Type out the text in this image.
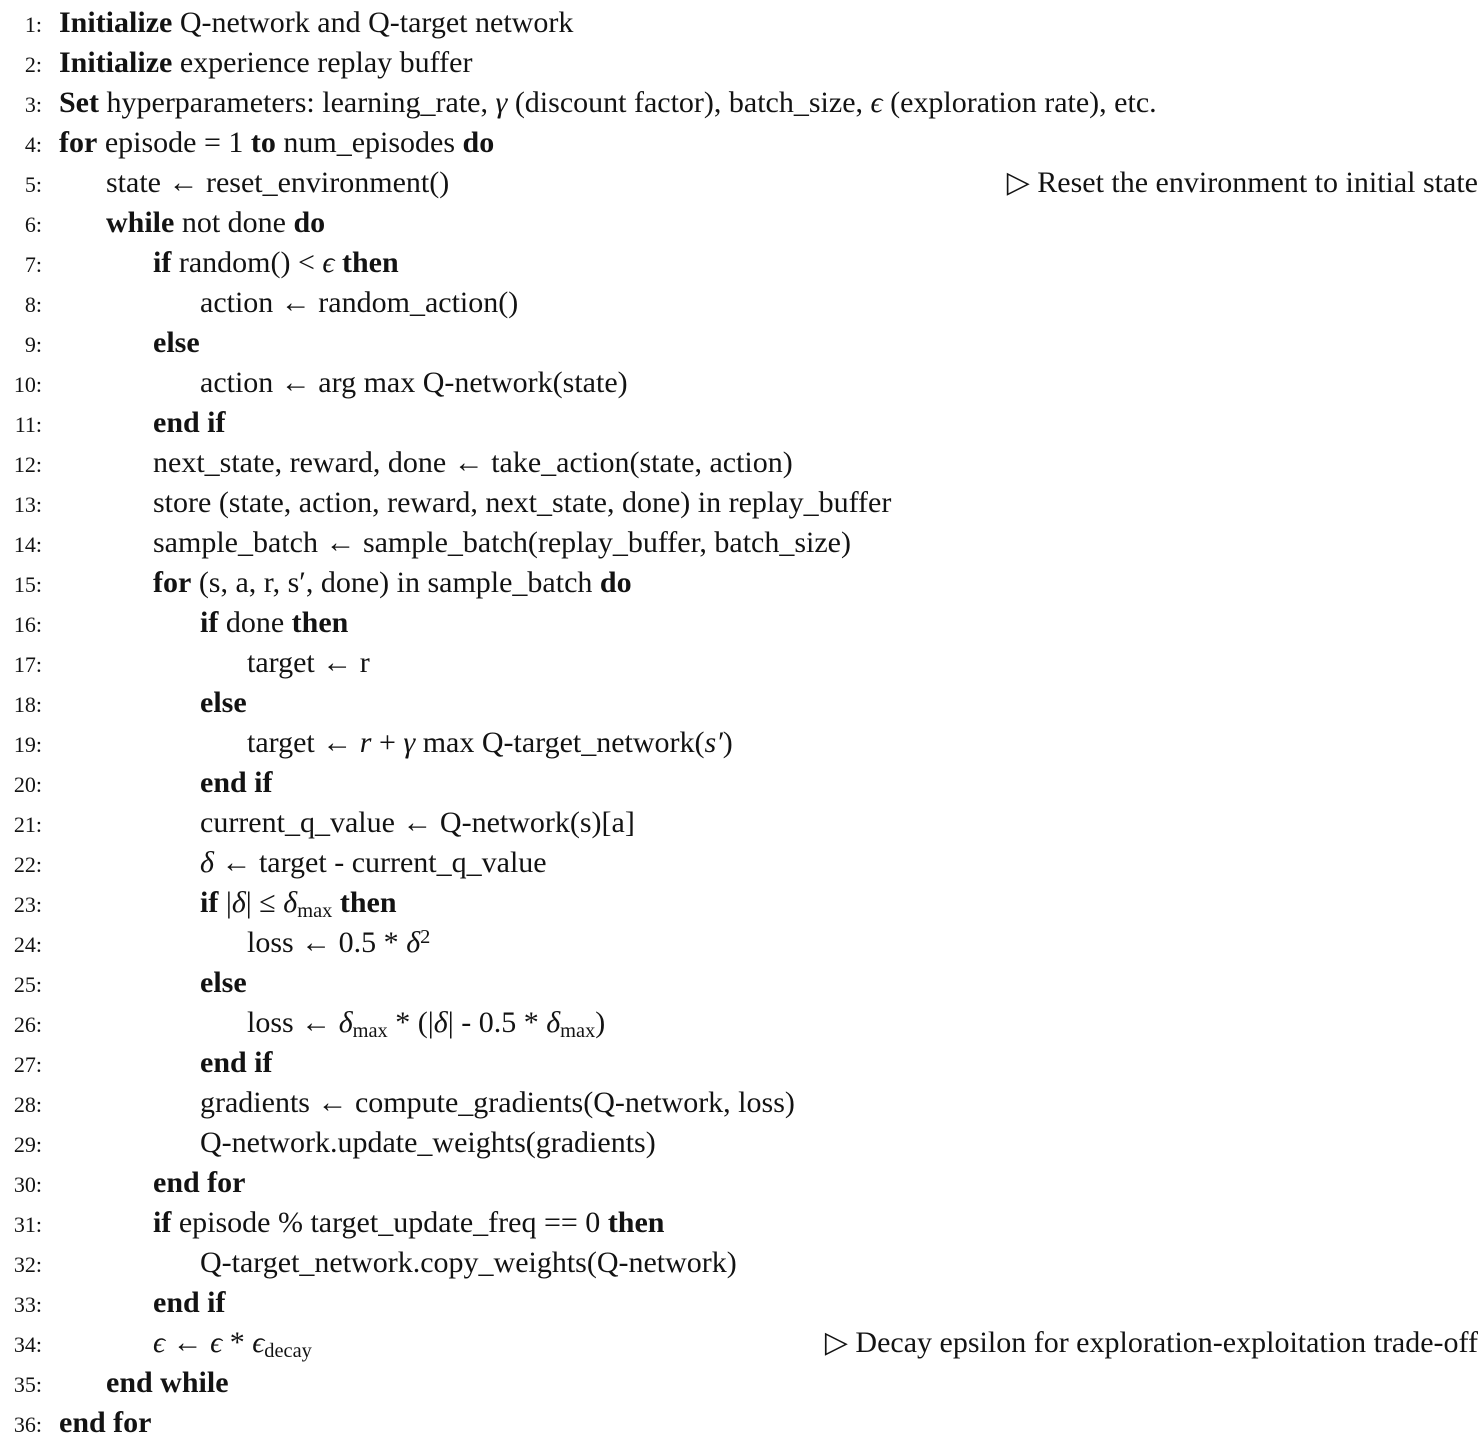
1: Initialize Q-network and Q-target network
2: Initialize experience replay buffer
3: Set hyperparameters: learning_rate, γ (discount factor), batch_size, ϵ (exploration rate), etc.
4: for episode = 1 to num_episodes do
5: state ← reset_environment()	▷ Reset the environment to initial state
6: while not done do
7:	if random() < ϵ then
8:	action ← random_action()
9:	else
10:	action ← arg max Q-network(state)
11:	end if
12:	next_state, reward, done ← take_action(state, action)
13:	store (state, action, reward, next_state, done) in replay_buffer
14:	sample_batch ← sample_batch(replay_buffer, batch_size)
15:	for (s, a, r, s′, done) in sample_batch do
16:	if done then
17:	target ← r
18:	else
19:	target ← r + γ max Q-target_network(s′)
20:	end if
21:	current_q_value ← Q-network(s)[a]
22:	δ ← target - current_q_value
23:	if $|\delta| \le \delta_{max}$ then
24:	loss ← $0.5 * \delta^2$
25:	else
26:	loss ← $\delta_{max} * (|\delta| - 0.5 * \delta_{max})$
27:	end if
28:	gradients ← compute_gradients(Q-network, loss)
29:	Q-network.update_weights(gradients)
30:	end for
31:	if episode % target_update_freq == 0 then
32:	Q-target_network.copy_weights(Q-network)
33:	end if
34:	ϵ ← ϵ * $\epsilon_{decay}$	▷ Decay epsilon for exploration-exploitation trade-off
35: end while
36: end for
